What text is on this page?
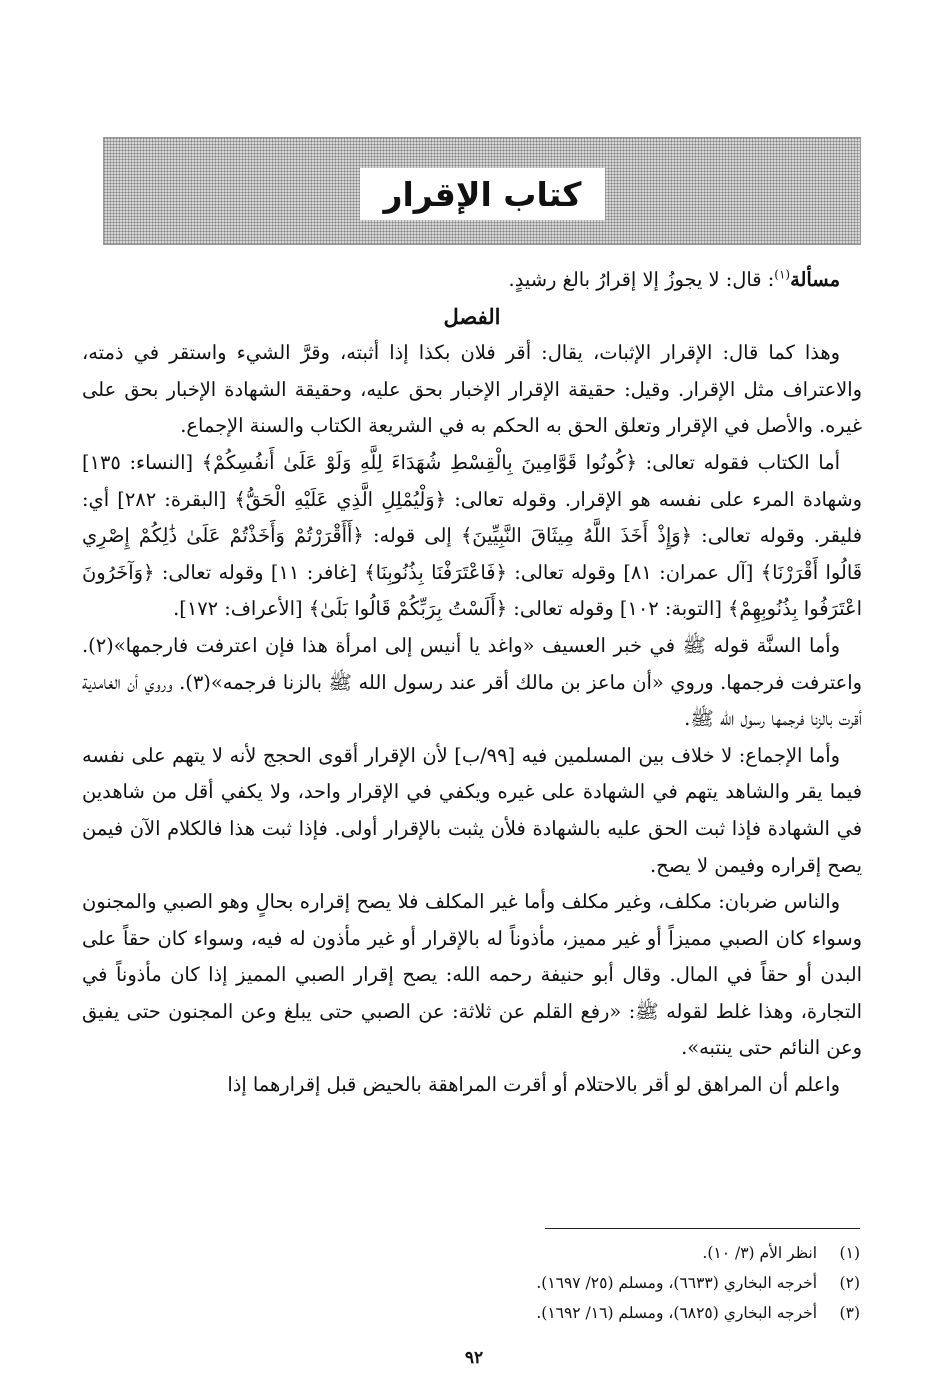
كتاب الإقرار

مسألة$^{(١)}$: قال: لا يجوزُ إلا إقرارُ بالغ رشيدٍ.

الفصل

وهذا كما قال: الإقرار الإثبات، يقال: أقر فلان بكذا إذا أثبته، وقرَّ الشيء واستقر في ذمته، والاعتراف مثل الإقرار. وقيل: حقيقة الإقرار الإخبار بحق عليه، وحقيقة الشهادة الإخبار بحق على غيره. والأصل في الإقرار وتعلق الحق به الحكم به في الشريعة الكتاب والسنة الإجماع.

أما الكتاب فقوله تعالى: ﴿كُونُوا قَوَّامِينَ بِالْقِسْطِ شُهَدَاءَ لِلَّهِ وَلَوْ عَلَىٰ أَنفُسِكُمْ﴾ [النساء: ١٣٥] وشهادة المرء على نفسه هو الإقرار. وقوله تعالى: ﴿وَلْيُمْلِلِ الَّذِي عَلَيْهِ الْحَقُّ﴾ [البقرة: ٢٨٢] أي: فليقر. وقوله تعالى: ﴿وَإِذْ أَخَذَ اللَّهُ مِيثَاقَ النَّبِيِّينَ﴾ إلى قوله: ﴿أَأَقْرَرْتُمْ وَأَخَذْتُمْ عَلَىٰ ذَٰلِكُمْ إِصْرِي قَالُوا أَقْرَرْنَا﴾ [آل عمران: ٨١] وقوله تعالى: ﴿فَاعْتَرَفْنَا بِذُنُوبِنَا﴾ [غافر: ١١] وقوله تعالى: ﴿وَآخَرُونَ اعْتَرَفُوا بِذُنُوبِهِمْ﴾ [التوبة: ١٠٢] وقوله تعالى: ﴿أَلَسْتُ بِرَبِّكُمْ قَالُوا بَلَىٰ﴾ [الأعراف: ١٧٢].

وأما السنَّة قوله ﷺ في خبر العسيف «واغد يا أنيس إلى امرأة هذا فإن اعترفت فارجمها»(٢). واعترفت فرجمها. وروي «أن ماعز بن مالك أقر عند رسول الله ﷺ بالزنا فرجمه»(٣). وروي أن الغامدية أقرت بالزنا فرجمها رسول الله ﷺ.

وأما الإجماع: لا خلاف بين المسلمين فيه [٩٩/ب] لأن الإقرار أقوى الحجج لأنه لا يتهم على نفسه فيما يقر والشاهد يتهم في الشهادة على غيره ويكفي في الإقرار واحد، ولا يكفي أقل من شاهدين في الشهادة فإذا ثبت الحق عليه بالشهادة فلأن يثبت بالإقرار أولى. فإذا ثبت هذا فالكلام الآن فيمن يصح إقراره وفيمن لا يصح.

والناس ضربان: مكلف، وغير مكلف وأما غير المكلف فلا يصح إقراره بحالٍ وهو الصبي والمجنون وسواء كان الصبي مميزاً أو غير مميز، مأذوناً له بالإقرار أو غير مأذون له فيه، وسواء كان حقاً على البدن أو حقاً في المال. وقال أبو حنيفة رحمه الله: يصح إقرار الصبي المميز إذا كان مأذوناً في التجارة، وهذا غلط لقوله ﷺ: «رفع القلم عن ثلاثة: عن الصبي حتى يبلغ وعن المجنون حتى يفيق وعن النائم حتى ينتبه».

واعلم أن المراهق لو أقر بالاحتلام أو أقرت المراهقة بالحيض قبل إقرارهما إذا

(١) انظر الأم (٣/ ١٠).
(٢) أخرجه البخاري (٦٦٣٣)، ومسلم (٢٥/ ١٦٩٧).
(٣) أخرجه البخاري (٦٨٢٥)، ومسلم (١٦/ ١٦٩٢).
٩٢
